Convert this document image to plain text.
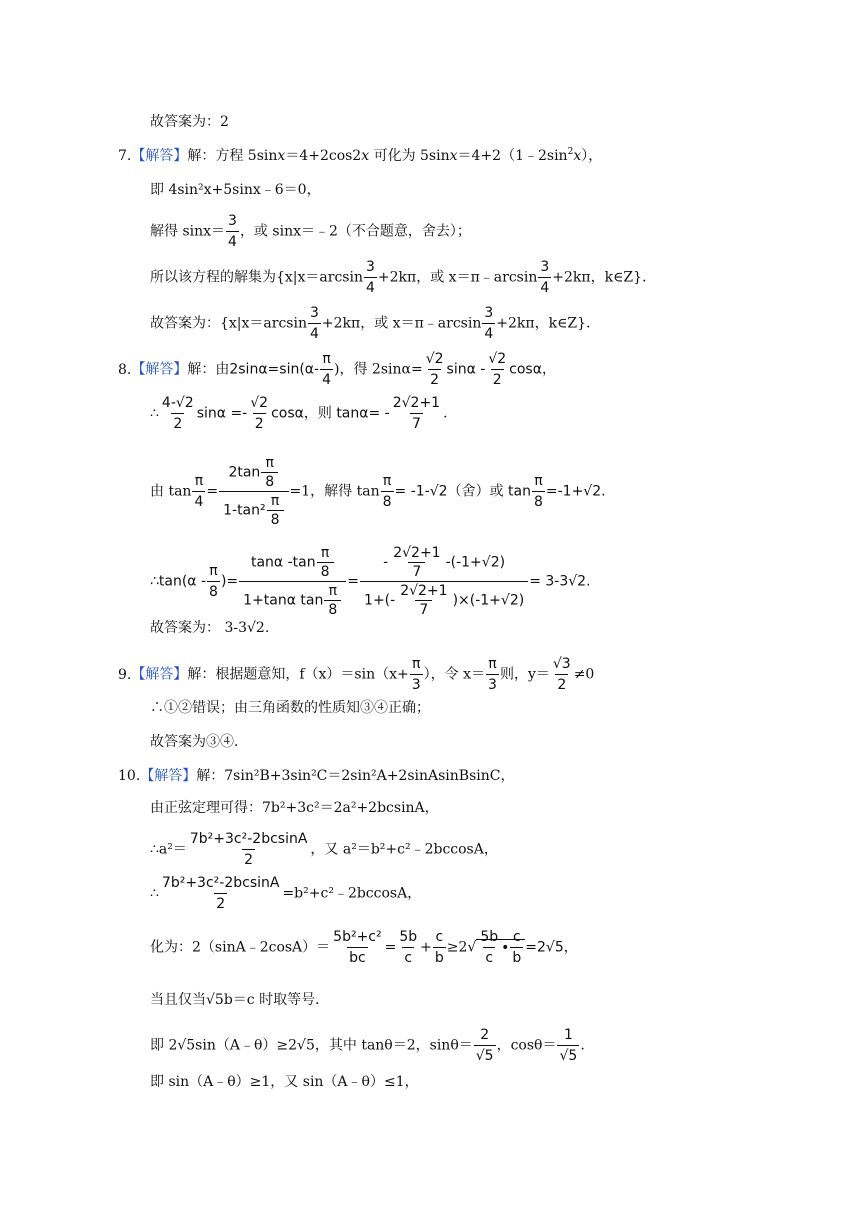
故答案为：2
7.【解答】解：方程 5sinx＝4+2cos2x 可化为 $5\sin x=4+2(1﹣2\sin^2x)$，
即 4sin²x+5sinx﹣6＝0，
解得 $\sin x= \frac{3}{4}$ ，或 sinx＝﹣2（不合题意，舍去）；
所以该方程的解集为{$x|x=\arcsin \frac{3}{4} +2k\pi$，或 x＝π﹣arcsin $\frac{3}{4} +2k\pi$，k∈Z}．
故答案为：{$x|x=\arcsin \frac{3}{4} +2k\pi$，或 x＝π﹣arcsin $\frac{3}{4} +2k\pi$，k∈Z}．
8.【解答】解：由$2\sin\alpha=\sin(\alpha- \frac{\pi}{4}$ )，得 $2\sin\alpha= \frac{√2}{2}$ sinα - $\frac{√2}{2}$ cosα，
∴ $\frac{4-√2}{2}$ $\sin\alpha =- \frac{√2}{2}$ cosα，则 $\tan\alpha= - \frac{2√2+1}{7}$ .
由 $\tan \frac{\pi}{4} = \frac{2\tan \frac{\pi}{8}}{1-\tan^2 \frac{\pi}{8}} =1$，解得 $\tan \frac{\pi}{8} = -1-√2$（舍）或 $\tan \frac{\pi}{8} =-1+√2$.
∴tan(α - $\frac{\pi}{8}$ )= $\frac{\tan\alpha -\tan \frac{\pi}{8}}{1+\tan\alpha \tan \frac{\pi}{8}} = \frac{- \frac{2√2+1}{7} -(-1+√2)}{1+(- \frac{2√2+1}{7} )\times(-1+√2)} = 3-3√2$.
故答案为： 3-3√2.
9.【解答】解：根据题意知，$f(x)=\sin(x+ \frac{\pi}{3}$ ），令 $x= \frac{\pi}{3}$ 则，$y= \frac{√3}{2} \ne 0$
∴①②错误；由三角函数的性质知③④正确；
故答案为③④．
10.【解答】解：7sin²B+3sin²C＝2sin²A+2sinAsinBsinC，
由正弦定理可得：7b²+3c²＝2a²+2bcsinA，
∴a²＝ $\frac{\text{7b²+3c²-2bcsinA}}{2}$ ，又 a²＝b²+c²﹣2bccosA，
∴ $\frac{\text{7b²+3c²-2bcsinA}}{2}$ =b²+c²﹣2bccosA，
化为：2（sinA﹣2cosA）＝ $\frac{\text{5b²+c²}}{bc} = \frac{5b}{c} + \frac{c}{b} \ge 2√ \frac{5b}{c}$ • $\frac{c}{b} =2√5$，
当且仅当√5b＝c 时取等号．
即 2√5sin（A﹣θ）≥2√5，其中 tanθ＝2，$\sin\theta= \frac{2}{√5}$ ，$\cos\theta= \frac{1}{√5}$ .
即 sin（A﹣θ）≥1，又 sin（A﹣θ）≤1，
